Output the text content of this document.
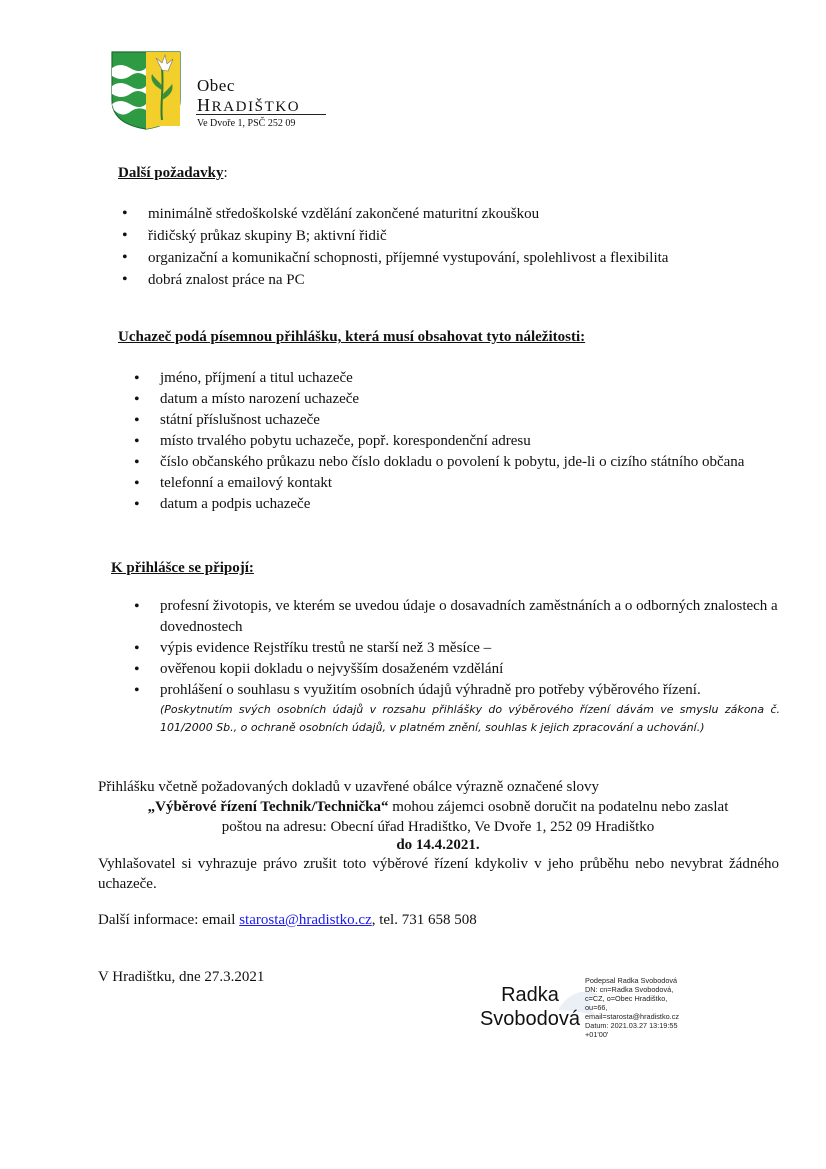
Obec
HRADIŠTKO
Ve Dvoře 1, PSČ 252 09
Další požadavky:
• minimálně středoškolské vzdělání zakončené maturitní zkouškou
• řidičský průkaz skupiny B; aktivní řidič
• organizační a komunikační schopnosti, příjemné vystupování, spolehlivost a flexibilita
• dobrá znalost práce na PC
Uchazeč podá písemnou přihlášku, která musí obsahovat tyto náležitosti:
• jméno, příjmení a titul uchazeče
• datum a místo narození uchazeče
• státní příslušnost uchazeče
• místo trvalého pobytu uchazeče, popř. korespondenční adresu
• číslo občanského průkazu nebo číslo dokladu o povolení k pobytu, jde-li o cizího státního občana
• telefonní a emailový kontakt
• datum a podpis uchazeče
K přihlášce se připojí:
• profesní životopis, ve kterém se uvedou údaje o dosavadních zaměstnáních a o odborných znalostech a dovednostech
• výpis evidence Rejstříku trestů ne starší než 3 měsíce –
• ověřenou kopii dokladu o nejvyšším dosaženém vzdělání
• prohlášení o souhlasu s využitím osobních údajů výhradně pro potřeby výběrového řízení.
(Poskytnutím svých osobních údajů v rozsahu přihlášky do výběrového řízení dávám ve smyslu zákona č. 101/2000 Sb., o ochraně osobních údajů, v platném znění, souhlas k jejich zpracování a uchování.)
Přihlášku včetně požadovaných dokladů v uzavřené obálce výrazně označené slovy
„Výběrové řízení Technik/Technička“ mohou zájemci osobně doručit na podatelnu nebo zaslat
poštou na adresu: Obecní úřad Hradištko, Ve Dvoře 1, 252 09 Hradištko
do 14.4.2021.
Vyhlašovatel si vyhrazuje právo zrušit toto výběrové řízení kdykoliv v jeho průběhu nebo nevybrat žádného uchazeče.
Další informace: email starosta@hradistko.cz, tel. 731 658 508
V Hradištku, dne 27.3.2021
Radka
Svobodová
Podepsal Radka Svobodová
DN: cn=Radka Svobodová,
c=CZ, o=Obec Hradištko,
ou=66,
email=starosta@hradistko.cz
Datum: 2021.03.27 13:19:55
+01'00'
